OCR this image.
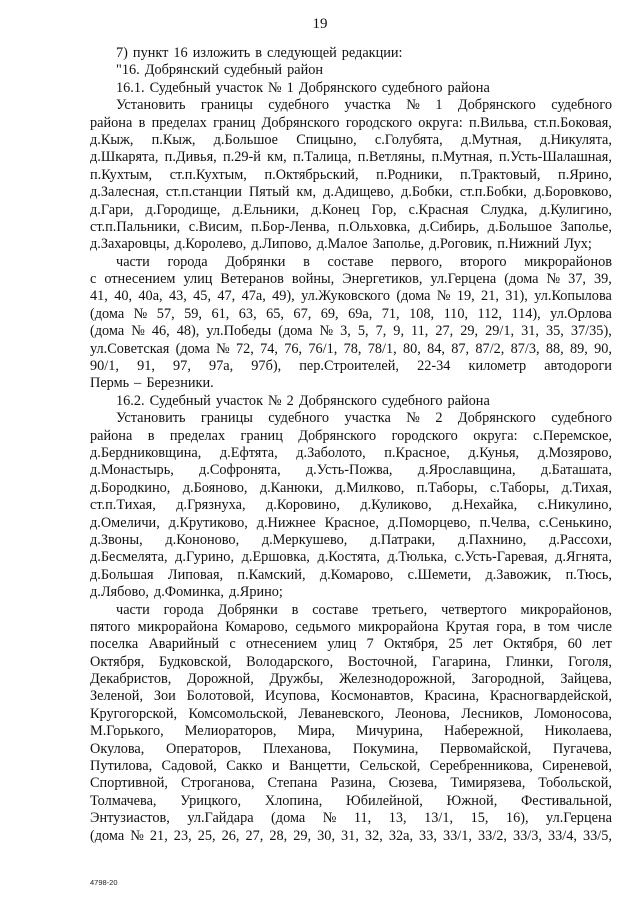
19
7) пункт 16 изложить в следующей редакции:
"16. Добрянский судебный район
16.1. Судебный участок № 1 Добрянского судебного района
Установить границы судебного участка № 1 Добрянского судебного
района в пределах границ Добрянского городского округа: п.Вильва, ст.п.Боковая,
д.Кыж, п.Кыж, д.Большое Спицыно, с.Голубята, д.Мутная, д.Никулята,
д.Шкарята, п.Дивья, п.29-й км, п.Талица, п.Ветляны, п.Мутная, п.Усть-Шалашная,
п.Кухтым, ст.п.Кухтым, п.Октябрьский, п.Родники, п.Трактовый, п.Ярино,
д.Залесная, ст.п.станции Пятый км, д.Адищево, д.Бобки, ст.п.Бобки, д.Боровково,
д.Гари, д.Городище, д.Ельники, д.Конец Гор, с.Красная Слудка, д.Кулигино,
ст.п.Пальники, с.Висим, п.Бор-Ленва, п.Ольховка, д.Сибирь, д.Большое Заполье,
д.Захаровцы, д.Королево, д.Липово, д.Малое Заполье, д.Роговик, п.Нижний Лух;
части города Добрянки в составе первого, второго микрорайонов
с отнесением улиц Ветеранов войны, Энергетиков, ул.Герцена (дома № 37, 39,
41, 40, 40а, 43, 45, 47, 47а, 49), ул.Жуковского (дома № 19, 21, 31), ул.Копылова
(дома № 57, 59, 61, 63, 65, 67, 69, 69а, 71, 108, 110, 112, 114), ул.Орлова
(дома № 46, 48), ул.Победы (дома № 3, 5, 7, 9, 11, 27, 29, 29/1, 31, 35, 37/35),
ул.Советская (дома № 72, 74, 76, 76/1, 78, 78/1, 80, 84, 87, 87/2, 87/3, 88, 89, 90,
90/1, 91, 97, 97а, 97б), пер.Строителей, 22-34 километр автодороги
Пермь – Березники.
16.2. Судебный участок № 2 Добрянского судебного района
Установить границы судебного участка № 2 Добрянского судебного
района в пределах границ Добрянского городского округа: с.Перемское,
д.Бердниковщина, д.Ефтята, д.Заболото, п.Красное, д.Кунья, д.Мозярово,
д.Монастырь, д.Софронята, д.Усть-Пожва, д.Ярославщина, д.Баташата,
д.Бородкино, д.Бояново, д.Канюки, д.Милково, п.Таборы, с.Таборы, д.Тихая,
ст.п.Тихая, д.Грязнуха, д.Коровино, д.Куликово, д.Нехайка, с.Никулино,
д.Омеличи, д.Крутиково, д.Нижнее Красное, д.Поморцево, п.Челва, с.Сенькино,
д.Звоны, д.Кононово, д.Меркушево, д.Патраки, д.Пахнино, д.Рассохи,
д.Бесмелята, д.Гурино, д.Ершовка, д.Костята, д.Тюлька, с.Усть-Гаревая, д.Ягнята,
д.Большая Липовая, п.Камский, д.Комарово, с.Шемети, д.Завожик, п.Тюсь,
д.Лябово, д.Фоминка, д.Ярино;
части города Добрянки в составе третьего, четвертого микрорайонов,
пятого микрорайона Комарово, седьмого микрорайона Крутая гора, в том числе
поселка Аварийный с отнесением улиц 7 Октября, 25 лет Октября, 60 лет
Октября, Будковской, Володарского, Восточной, Гагарина, Глинки, Гоголя,
Декабристов, Дорожной, Дружбы, Железнодорожной, Загородной, Зайцева,
Зеленой, Зои Болотовой, Исупова, Космонавтов, Красина, Красногвардейской,
Кругогорской, Комсомольской, Леваневского, Леонова, Лесников, Ломоносова,
М.Горького, Мелиораторов, Мира, Мичурина, Набережной, Николаева,
Окулова, Операторов, Плеханова, Покумина, Первомайской, Пугачева,
Путилова, Садовой, Сакко и Ванцетти, Сельской, Серебренникова, Сиреневой,
Спортивной, Строганова, Степана Разина, Сюзева, Тимирязева, Тобольской,
Толмачева, Урицкого, Хлопина, Юбилейной, Южной, Фестивальной,
Энтузиастов, ул.Гайдара (дома № 11, 13, 13/1, 15, 16), ул.Герцена
(дома № 21, 23, 25, 26, 27, 28, 29, 30, 31, 32, 32а, 33, 33/1, 33/2, 33/3, 33/4, 33/5,
4798-20
